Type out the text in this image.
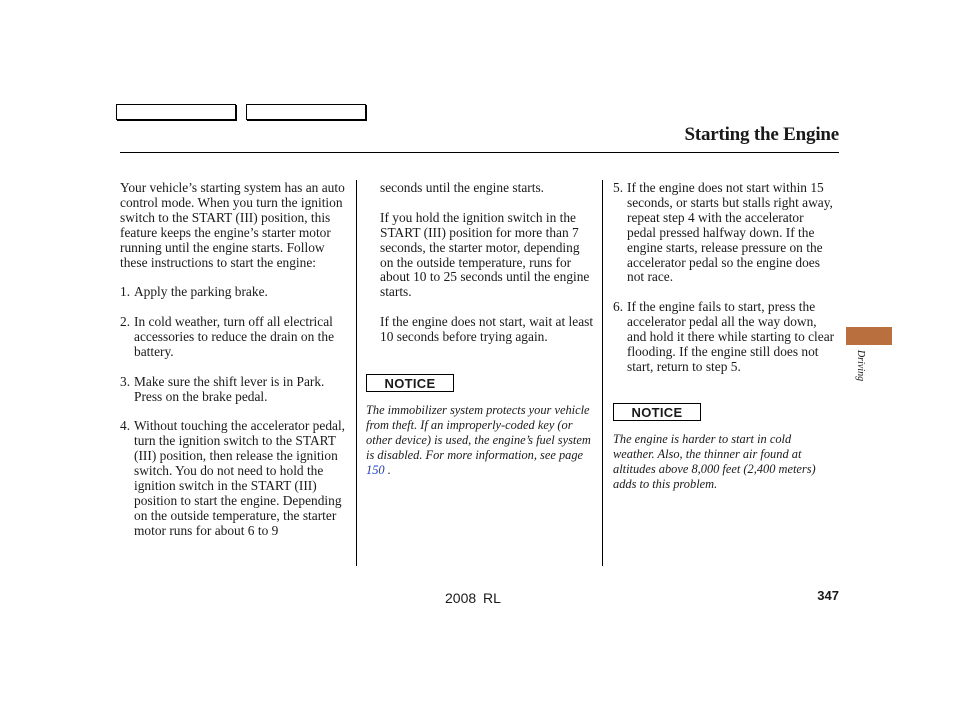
Starting the Engine

Your vehicle’s starting system has an auto control mode. When you turn the ignition switch to the START (III) position, this feature keeps the engine’s starter motor running until the engine starts. Follow these instructions to start the engine:

1. Apply the parking brake.
2. In cold weather, turn off all electrical accessories to reduce the drain on the battery.
3. Make sure the shift lever is in Park. Press on the brake pedal.
4. Without touching the accelerator pedal, turn the ignition switch to the START (III) position, then release the ignition switch. You do not need to hold the ignition switch in the START (III) position to start the engine. Depending on the outside temperature, the starter motor runs for about 6 to 9

seconds until the engine starts.

If you hold the ignition switch in the START (III) position for more than 7 seconds, the starter motor, depending on the outside temperature, runs for about 10 to 25 seconds until the engine starts.

If the engine does not start, wait at least 10 seconds before trying again.

NOTICE
The immobilizer system protects your vehicle from theft. If an improperly-coded key (or other device) is used, the engine’s fuel system is disabled. For more information, see page 150 .
5. If the engine does not start within 15 seconds, or starts but stalls right away, repeat step 4 with the accelerator pedal pressed halfway down. If the engine starts, release pressure on the accelerator pedal so the engine does not race.
6. If the engine fails to start, press the accelerator pedal all the way down, and hold it there while starting to clear flooding. If the engine still does not start, return to step 5.
NOTICE
The engine is harder to start in cold weather. Also, the thinner air found at altitudes above 8,000 feet (2,400 meters) adds to this problem.
Driving
2008 RL	347
